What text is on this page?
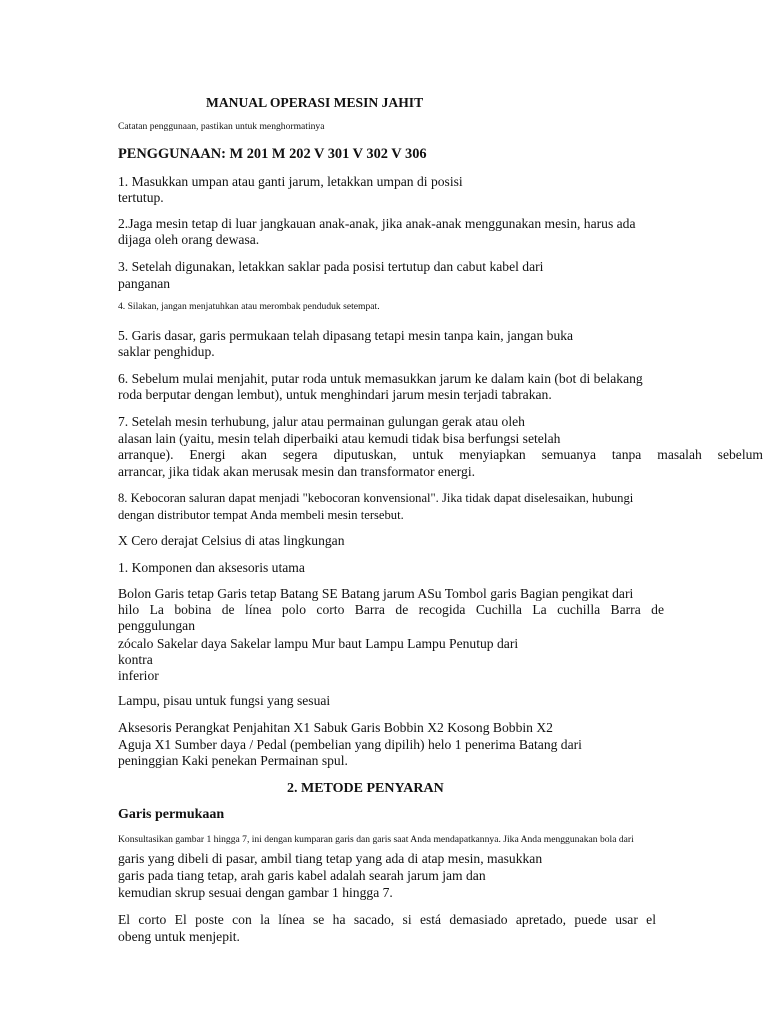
MANUAL OPERASI MESIN JAHIT
Catatan penggunaan, pastikan untuk menghormatinya
PENGGUNAAN: M 201 M 202 V 301 V 302 V 306
1. Masukkan umpan atau ganti jarum, letakkan umpan di posisi
tertutup.
2.Jaga mesin tetap di luar jangkauan anak-anak, jika anak-anak menggunakan mesin, harus ada
dijaga oleh orang dewasa.
3. Setelah digunakan, letakkan saklar pada posisi tertutup dan cabut kabel dari
panganan
4. Silakan, jangan menjatuhkan atau merombak penduduk setempat.
5. Garis dasar, garis permukaan telah dipasang tetapi mesin tanpa kain, jangan buka
saklar penghidup.
6. Sebelum mulai menjahit, putar roda untuk memasukkan jarum ke dalam kain (bot di belakang
roda berputar dengan lembut), untuk menghindari jarum mesin terjadi tabrakan.
7. Setelah mesin terhubung, jalur atau permainan gulungan gerak atau oleh
alasan lain (yaitu, mesin telah diperbaiki atau kemudi tidak bisa berfungsi setelah
arranque). Energi akan segera diputuskan, untuk menyiapkan semuanya tanpa masalah sebelum
arrancar, jika tidak akan merusak mesin dan transformator energi.
8. Kebocoran saluran dapat menjadi "kebocoran konvensional". Jika tidak dapat diselesaikan, hubungi
dengan distributor tempat Anda membeli mesin tersebut.
X Cero derajat Celsius di atas lingkungan
1. Komponen dan aksesoris utama
Bolon Garis tetap Garis tetap Batang SE Batang jarum ASu Tombol garis Bagian pengikat dari
hilo La bobina de línea polo corto Barra de recogida Cuchilla La cuchilla Barra de
penggulungan
zócalo Sakelar daya Sakelar lampu Mur baut Lampu Lampu Penutup dari
kontra
inferior
Lampu, pisau untuk fungsi yang sesuai
Aksesoris Perangkat Penjahitan X1 Sabuk Garis Bobbin X2 Kosong Bobbin X2
Aguja X1 Sumber daya / Pedal (pembelian yang dipilih) helo 1 penerima Batang dari
peninggian Kaki penekan Permainan spul.
2. METODE PENYARAN
Garis permukaan
Konsultasikan gambar 1 hingga 7, ini dengan kumparan garis dan garis saat Anda mendapatkannya. Jika Anda menggunakan bola dari
garis yang dibeli di pasar, ambil tiang tetap yang ada di atap mesin, masukkan
garis pada tiang tetap, arah garis kabel adalah searah jarum jam dan
kemudian skrup sesuai dengan gambar 1 hingga 7.
El corto El poste con la línea se ha sacado, si está demasiado apretado, puede usar el
obeng untuk menjepit.
